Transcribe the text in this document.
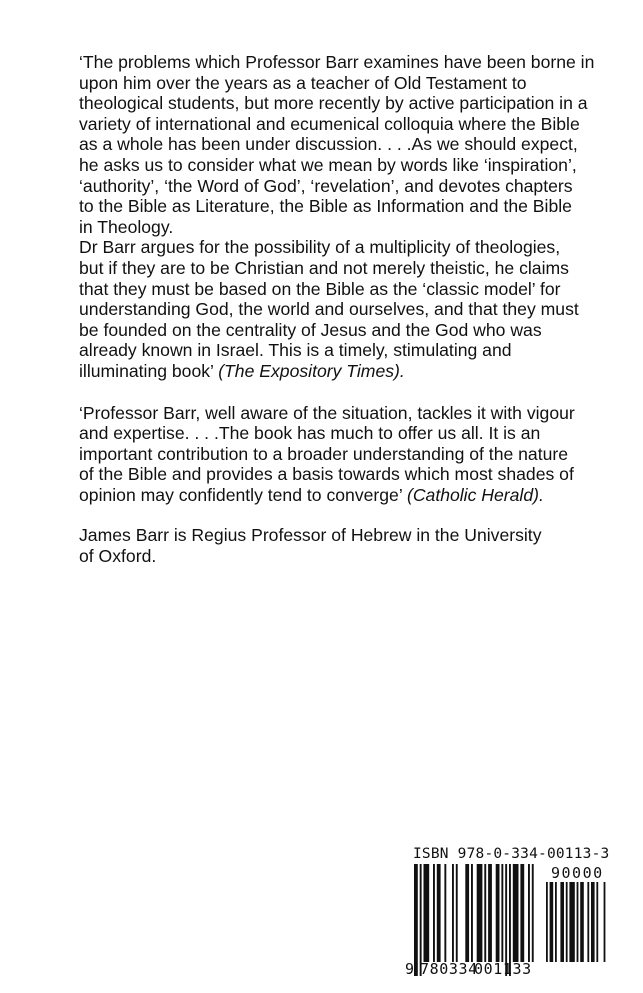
‘The problems which Professor Barr examines have been borne in

upon him over the years as a teacher of Old Testament to

theological students, but more recently by active participation in a

variety of international and ecumenical colloquia where the Bible

as a whole has been under discussion. . . .As we should expect,

he asks us to consider what we mean by words like ‘inspiration’,

‘authority’, ‘the Word of God’, ‘revelation’, and devotes chapters

to the Bible as Literature, the Bible as Information and the Bible

in Theology.

Dr Barr argues for the possibility of a multiplicity of theologies,

but if they are to be Christian and not merely theistic, he claims

that they must be based on the Bible as the ‘classic model’ for

understanding God, the world and ourselves, and that they must

be founded on the centrality of Jesus and the God who was

already known in Israel. This is a timely, stimulating and

illuminating book’ (The Expository Times).

‘Professor Barr, well aware of the situation, tackles it with vigour

and expertise. . . .The book has much to offer us all. It is an

important contribution to a broader understanding of the nature

of the Bible and provides a basis towards which most shades of

opinion may confidently tend to converge’ (Catholic Herald).

James Barr is Regius Professor of Hebrew in the University

of Oxford.

ISBN 978-0-334-00113-3
9 780334
001133
90000
